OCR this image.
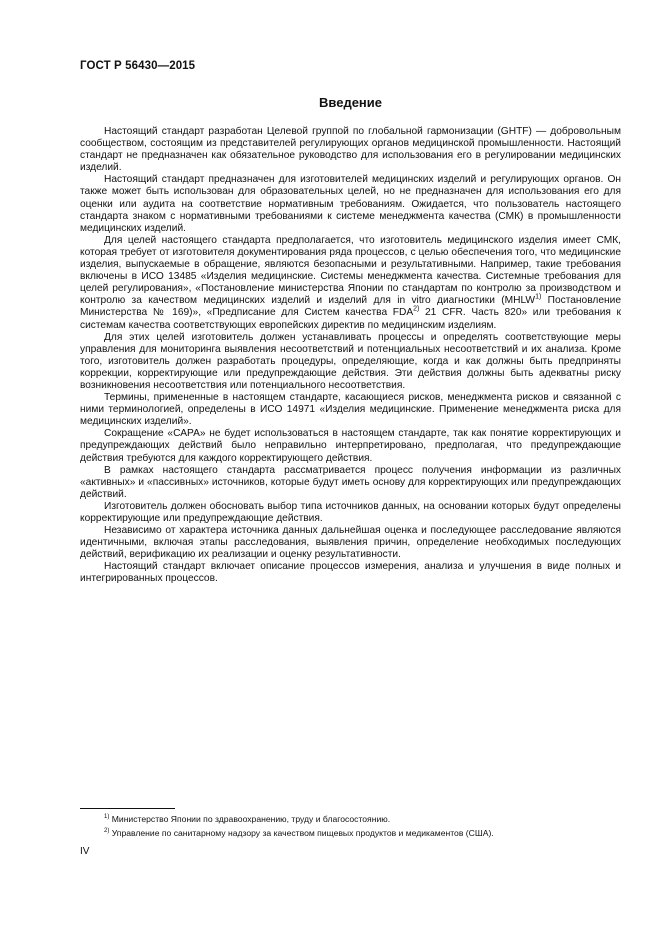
ГОСТ Р 56430—2015
Введение

Настоящий стандарт разработан Целевой группой по глобальной гармонизации (GHTF) — добровольным сообществом, состоящим из представителей регулирующих органов медицинской промышленности. Настоящий стандарт не предназначен как обязательное руководство для использования его в регулировании медицинских изделий.

Настоящий стандарт предназначен для изготовителей медицинских изделий и регулирующих органов. Он также может быть использован для образовательных целей, но не предназначен для использования его для оценки или аудита на соответствие нормативным требованиям. Ожидается, что пользователь настоящего стандарта знаком с нормативными требованиями к системе менеджмента качества (СМК) в промышленности медицинских изделий.

Для целей настоящего стандарта предполагается, что изготовитель медицинского изделия имеет СМК, которая требует от изготовителя документирования ряда процессов, с целью обеспечения того, что медицинские изделия, выпускаемые в обращение, являются безопасными и результативными. Например, такие требования включены в ИСО 13485 «Изделия медицинские. Системы менеджмента качества. Системные требования для целей регулирования», «Постановление министерства Японии по стандартам по контролю за производством и контролю за качеством медицинских изделий и изделий для in vitro диагностики (MHLW$^{1)}$ Постановление Министерства № 169)», «Предписание для Систем качества FDA$^{2)}$ 21 CFR. Часть 820» или требования к системам качества соответствующих европейских директив по медицинским изделиям.

Для этих целей изготовитель должен устанавливать процессы и определять соответствующие меры управления для мониторинга выявления несоответствий и потенциальных несоответствий и их анализа. Кроме того, изготовитель должен разработать процедуры, определяющие, когда и как должны быть предприняты коррекции, корректирующие или предупреждающие действия. Эти действия должны быть адекватны риску возникновения несоответствия или потенциального несоответствия.

Термины, примененные в настоящем стандарте, касающиеся рисков, менеджмента рисков и связанной с ними терминологией, определены в ИСО 14971 «Изделия медицинские. Применение менеджмента риска для медицинских изделий».

Сокращение «САРА» не будет использоваться в настоящем стандарте, так как понятие корректирующих и предупреждающих действий было неправильно интерпретировано, предполагая, что предупреждающие действия требуются для каждого корректирующего действия.

В рамках настоящего стандарта рассматривается процесс получения информации из различных «активных» и «пассивных» источников, которые будут иметь основу для корректирующих или предупреждающих действий.

Изготовитель должен обосновать выбор типа источников данных, на основании которых будут определены корректирующие или предупреждающие действия.

Независимо от характера источника данных дальнейшая оценка и последующее расследование являются идентичными, включая этапы расследования, выявления причин, определение необходимых последующих действий, верификацию их реализации и оценку результативности.

Настоящий стандарт включает описание процессов измерения, анализа и улучшения в виде полных и интегрированных процессов.

$^{1)}$ Министерство Японии по здравоохранению, труду и благосостоянию.
$^{2)}$ Управление по санитарному надзору за качеством пищевых продуктов и медикаментов (США).
IV
